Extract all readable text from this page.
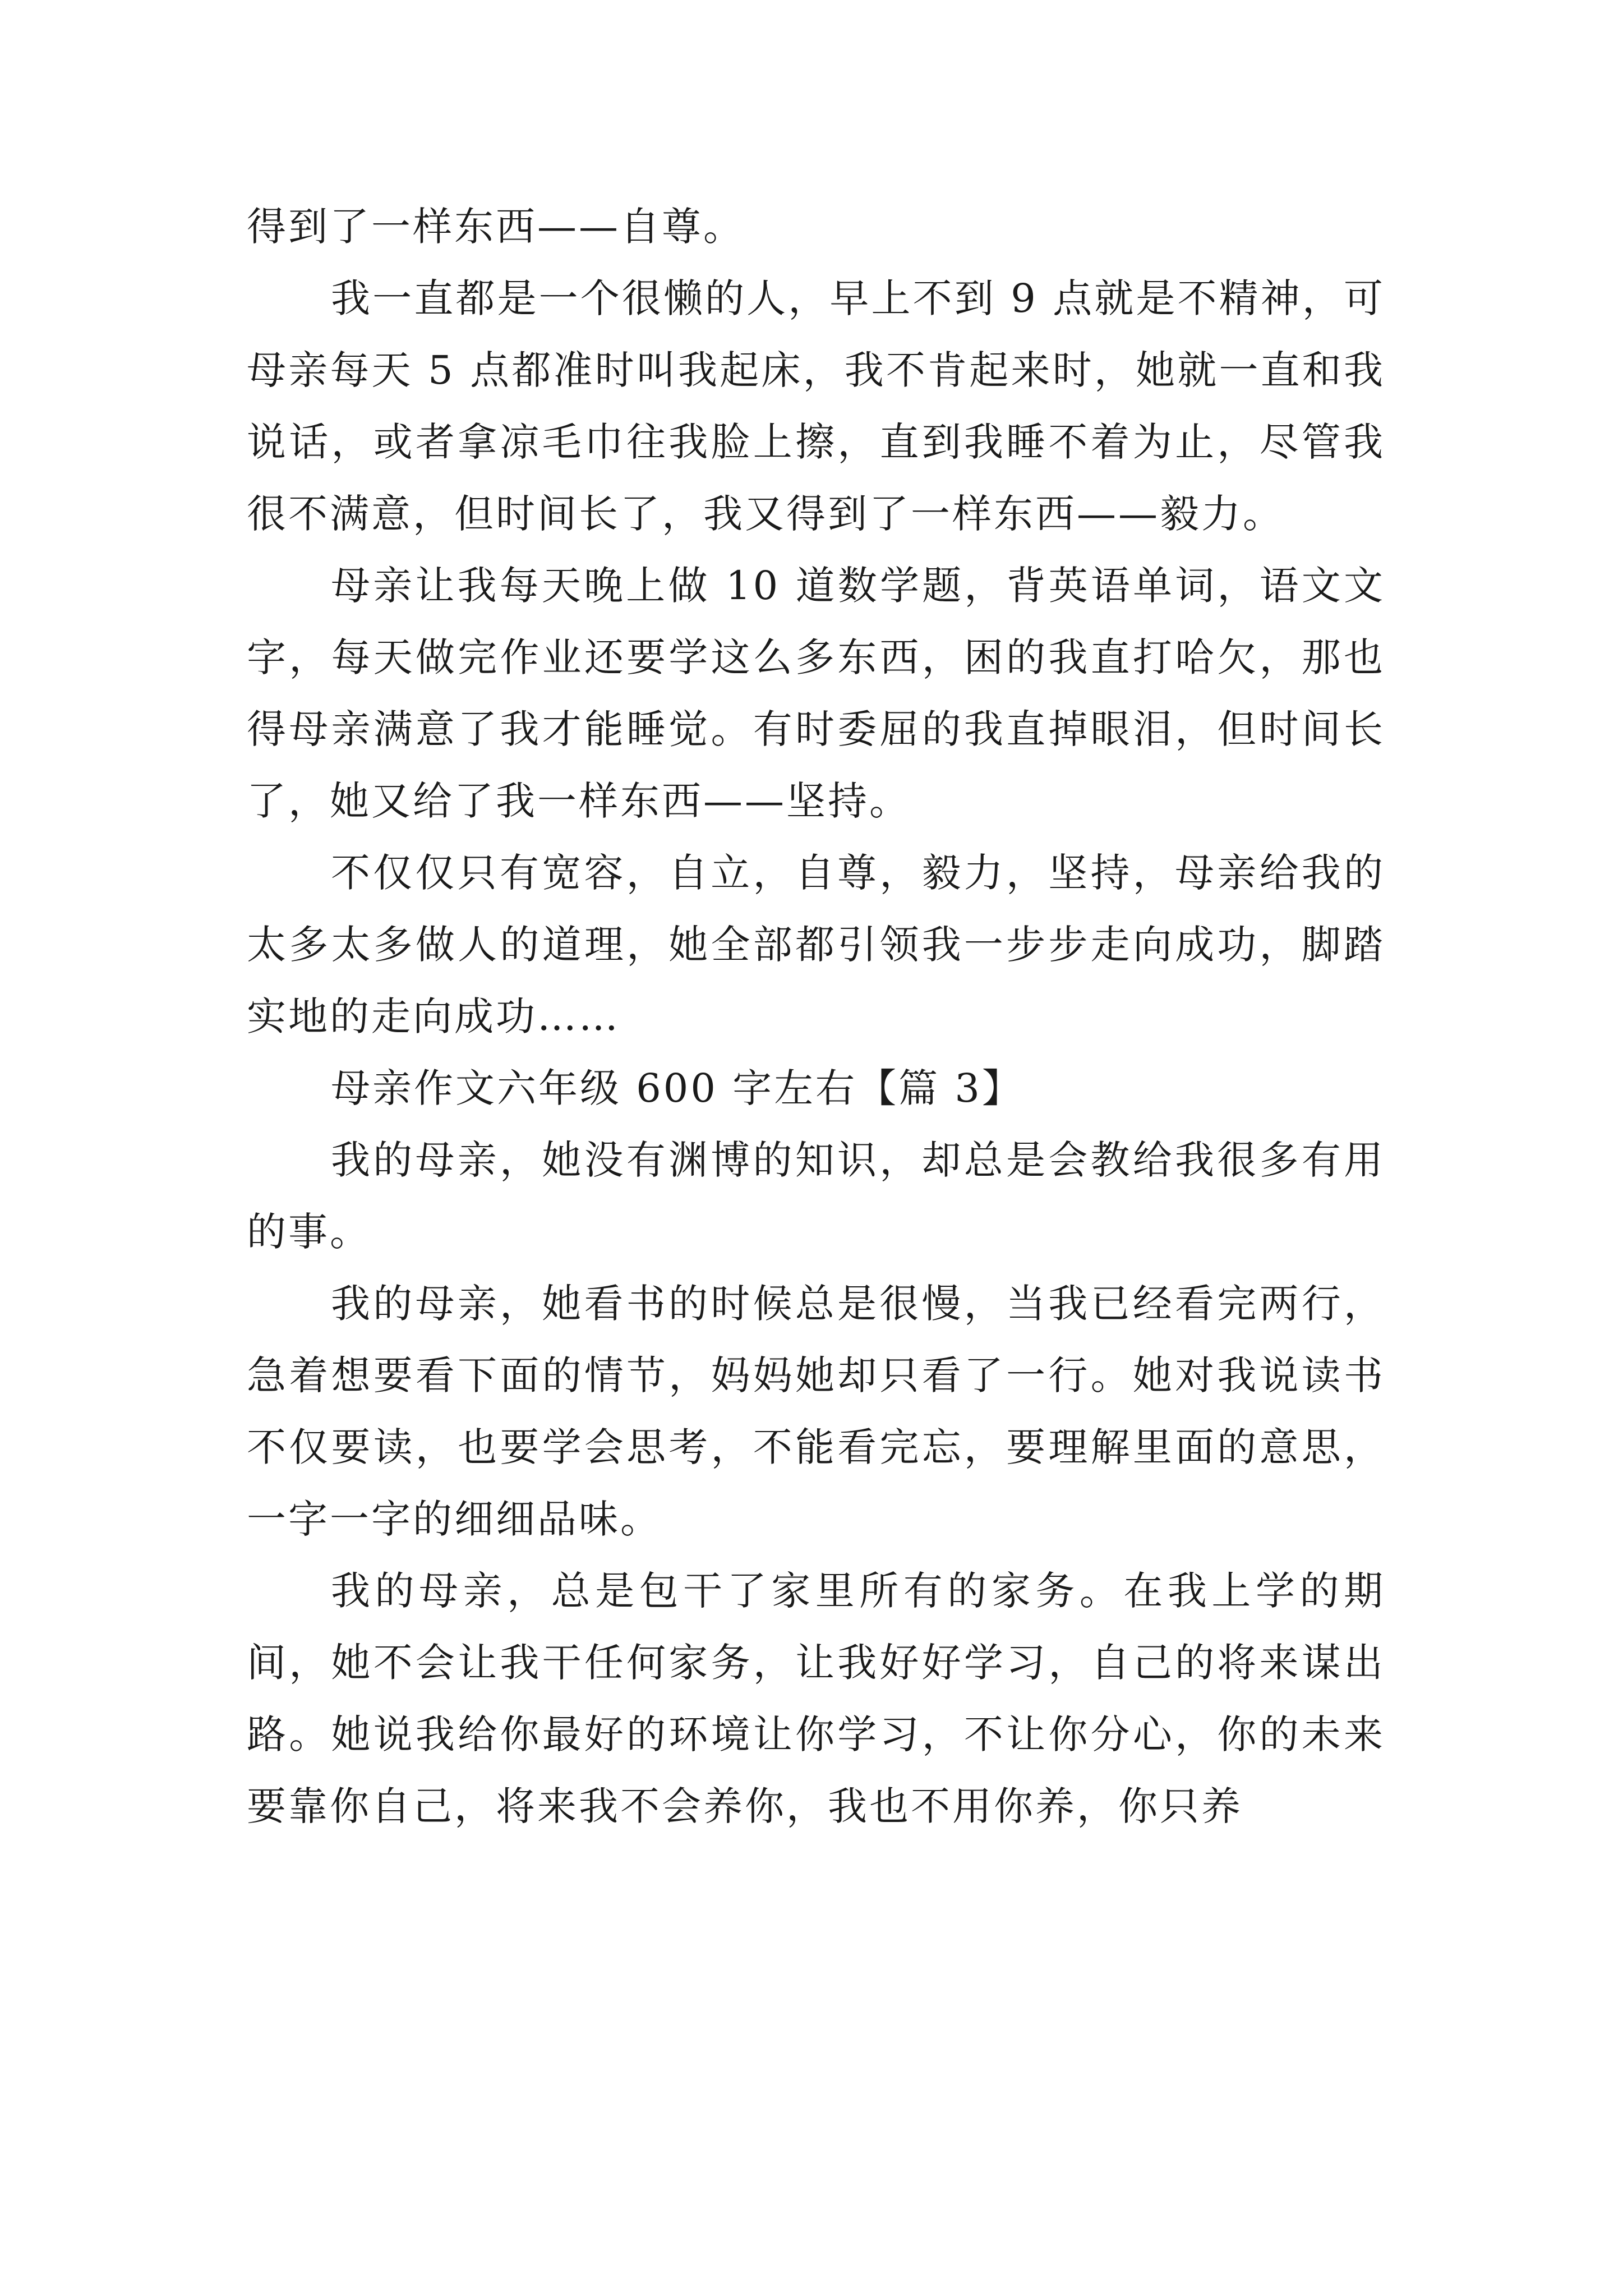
得到了一样东西——自尊。

我一直都是一个很懒的人，早上不到 9 点就是不精神，可母亲每天 5 点都准时叫我起床，我不肯起来时，她就一直和我说话，或者拿凉毛巾往我脸上擦，直到我睡不着为止，尽管我很不满意，但时间长了，我又得到了一样东西——毅力。

母亲让我每天晚上做 10 道数学题，背英语单词，语文文字，每天做完作业还要学这么多东西，困的我直打哈欠，那也得母亲满意了我才能睡觉。有时委屈的我直掉眼泪，但时间长了，她又给了我一样东西——坚持。

不仅仅只有宽容，自立，自尊，毅力，坚持，母亲给我的太多太多做人的道理，她全部都引领我一步步走向成功，脚踏实地的走向成功……

母亲作文六年级 600 字左右【篇 3】

我的母亲，她没有渊博的知识，却总是会教给我很多有用的事。

我的母亲，她看书的时候总是很慢，当我已经看完两行，急着想要看下面的情节，妈妈她却只看了一行。她对我说读书不仅要读，也要学会思考，不能看完忘，要理解里面的意思，一字一字的细细品味。

我的母亲，总是包干了家里所有的家务。在我上学的期间，她不会让我干任何家务，让我好好学习，自己的将来谋出路。她说我给你最好的环境让你学习，不让你分心，你的未来要靠你自己，将来我不会养你，我也不用你养，你只养
